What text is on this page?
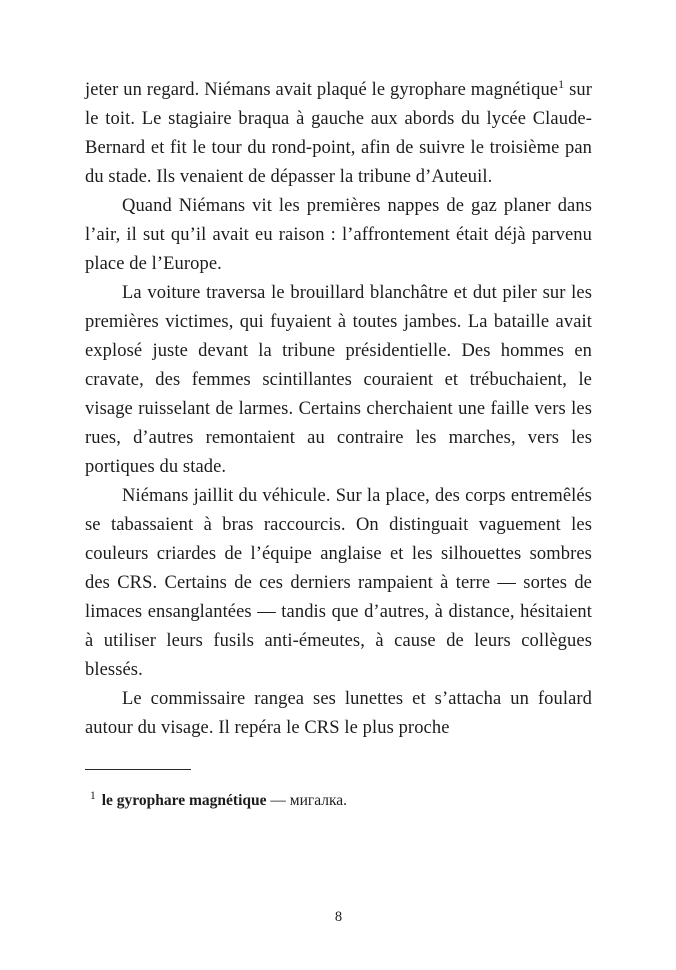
jeter un regard. Niémans avait plaqué le gyrophare magnétique$^1$ sur le toit. Le stagiaire braqua à gauche aux abords du lycée Claude-Bernard et fit le tour du rond-point, afin de suivre le troisième pan du stade. Ils venaient de dépasser la tribune d’Auteuil.

Quand Niémans vit les premières nappes de gaz planer dans l’air, il sut qu’il avait eu raison : l’affrontement était déjà parvenu place de l’Europe.

La voiture traversa le brouillard blanchâtre et dut piler sur les premières victimes, qui fuyaient à toutes jambes. La bataille avait explosé juste devant la tribune présidentielle. Des hommes en cravate, des femmes scintillantes couraient et trébuchaient, le visage ruisselant de larmes. Certains cherchaient une faille vers les rues, d’autres remontaient au contraire les marches, vers les portiques du stade.

Niémans jaillit du véhicule. Sur la place, des corps entremêlés se tabassaient à bras raccourcis. On distinguait vaguement les couleurs criardes de l’équipe anglaise et les silhouettes sombres des CRS. Certains de ces derniers rampaient à terre — sortes de limaces ensanglantées — tandis que d’autres, à distance, hésitaient à utiliser leurs fusils anti-émeutes, à cause de leurs collègues blessés.

Le commissaire rangea ses lunettes et s’attacha un foulard autour du visage. Il repéra le CRS le plus proche

$^1$ le gyrophare magnétique — мигалка.
8
